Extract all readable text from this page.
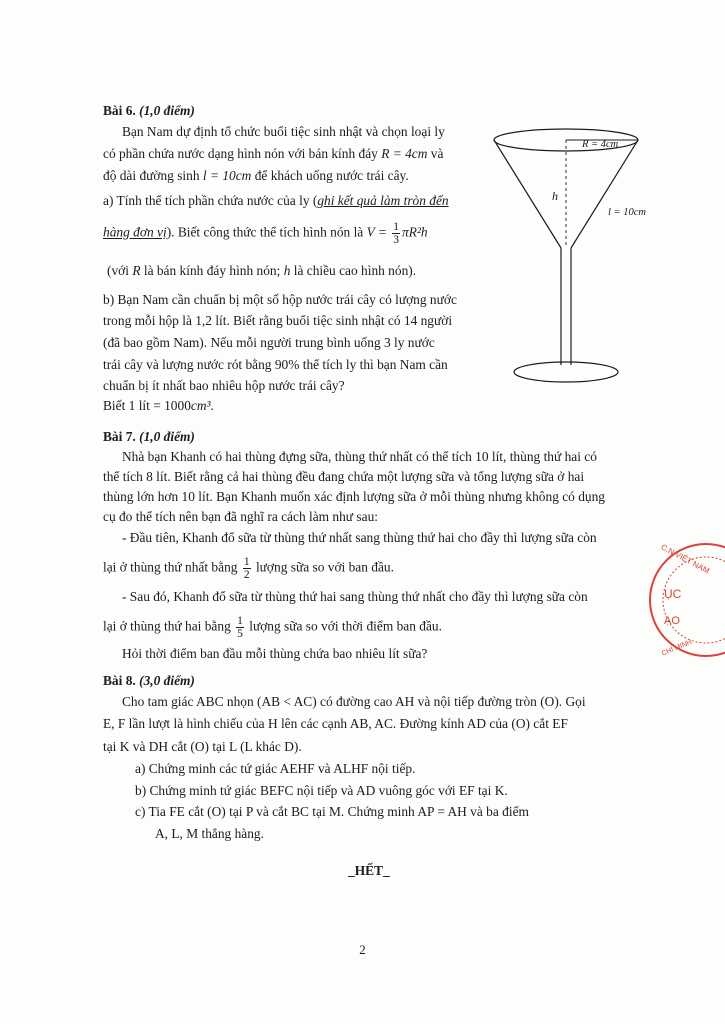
Bài 6. (1,0 điểm)
Bạn Nam dự định tổ chức buổi tiệc sinh nhật và chọn loại ly
có phần chứa nước dạng hình nón với bán kính đáy R = 4cm và
độ dài đường sinh l = 10cm để khách uống nước trái cây.
a) Tính thể tích phần chứa nước của ly (ghi kết quả làm tròn đến
hàng đơn vị). Biết công thức thể tích hình nón là $V = \frac{1}{3} \pi R^2h$
(với R là bán kính đáy hình nón; h là chiều cao hình nón).
b) Bạn Nam cần chuẩn bị một số hộp nước trái cây có lượng nước
trong mỗi hộp là 1,2 lít. Biết rằng buổi tiệc sinh nhật có 14 người
(đã bao gồm Nam). Nếu mỗi người trung bình uống 3 ly nước
trái cây và lượng nước rót bằng 90% thể tích ly thì bạn Nam cần
chuẩn bị ít nhất bao nhiêu hộp nước trái cây?
Biết 1 lít = 1000cm³.
R = 4cm
h
l = 10cm
Bài 7. (1,0 điểm)
Nhà bạn Khanh có hai thùng đựng sữa, thùng thứ nhất có thể tích 10 lít, thùng thứ hai có
thể tích 8 lít. Biết rằng cả hai thùng đều đang chứa một lượng sữa và tổng lượng sữa ở hai
thùng lớn hơn 10 lít. Bạn Khanh muốn xác định lượng sữa ở mỗi thùng nhưng không có dụng
cụ đo thể tích nên bạn đã nghĩ ra cách làm như sau:
- Đầu tiên, Khanh đổ sữa từ thùng thứ nhất sang thùng thứ hai cho đầy thì lượng sữa còn
lại ở thùng thứ nhất bằng $\frac{1}{2}$ lượng sữa so với ban đầu.
- Sau đó, Khanh đổ sữa từ thùng thứ hai sang thùng thứ nhất cho đầy thì lượng sữa còn
lại ở thùng thứ hai bằng $\frac{1}{5}$ lượng sữa so với thời điểm ban đầu.
Hỏi thời điểm ban đầu mỗi thùng chứa bao nhiêu lít sữa?
Bài 8. (3,0 điểm)
Cho tam giác ABC nhọn (AB < AC) có đường cao AH và nội tiếp đường tròn (O). Gọi
E, F lần lượt là hình chiếu của H lên các cạnh AB, AC. Đường kính AD của (O) cắt EF
tại K và DH cắt (O) tại L (L khác D).
a) Chứng minh các tứ giác AEHF và ALHF nội tiếp.
b) Chứng minh tứ giác BEFC nội tiếp và AD vuông góc với EF tại K.
c) Tia FE cắt (O) tại P và cắt BC tại M. Chứng minh AP = AH và ba điểm
A, L, M thẳng hàng.
_HẾT_
2
C.N VIỆT NAM
ỤC
ẠO
CHÍ MINH
